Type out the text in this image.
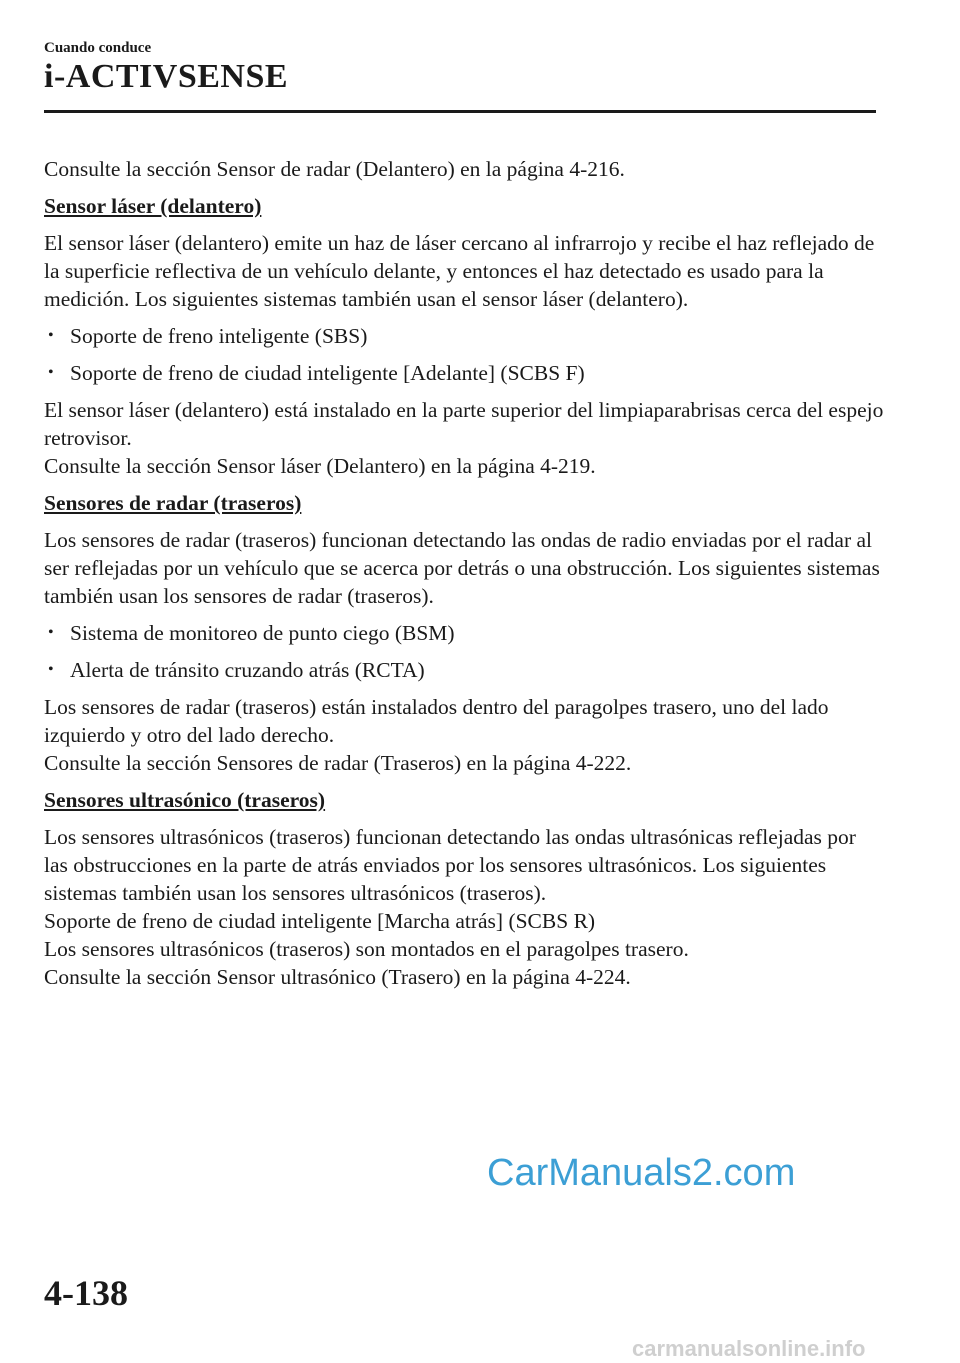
Cuando conduce
i-ACTIVSENSE

Consulte la sección Sensor de radar (Delantero) en la página 4-216.

Sensor láser (delantero)

El sensor láser (delantero) emite un haz de láser cercano al infrarrojo y recibe el haz reflejado de la superficie reflectiva de un vehículo delante, y entonces el haz detectado es usado para la medición. Los siguientes sistemas también usan el sensor láser (delantero).

• Soporte de freno inteligente (SBS)
• Soporte de freno de ciudad inteligente [Adelante] (SCBS F)

El sensor láser (delantero) está instalado en la parte superior del limpiaparabrisas cerca del espejo retrovisor.
Consulte la sección Sensor láser (Delantero) en la página 4-219.

Sensores de radar (traseros)

Los sensores de radar (traseros) funcionan detectando las ondas de radio enviadas por el radar al ser reflejadas por un vehículo que se acerca por detrás o una obstrucción. Los siguientes sistemas también usan los sensores de radar (traseros).

• Sistema de monitoreo de punto ciego (BSM)
• Alerta de tránsito cruzando atrás (RCTA)

Los sensores de radar (traseros) están instalados dentro del paragolpes trasero, uno del lado izquierdo y otro del lado derecho.
Consulte la sección Sensores de radar (Traseros) en la página 4-222.

Sensores ultrasónico (traseros)

Los sensores ultrasónicos (traseros) funcionan detectando las ondas ultrasónicas reflejadas por las obstrucciones en la parte de atrás enviados por los sensores ultrasónicos. Los siguientes sistemas también usan los sensores ultrasónicos (traseros).
Soporte de freno de ciudad inteligente [Marcha atrás] (SCBS R)
Los sensores ultrasónicos (traseros) son montados en el paragolpes trasero.
Consulte la sección Sensor ultrasónico (Trasero) en la página 4-224.

CarManuals2.com
4-138
carmanualsonline.info
